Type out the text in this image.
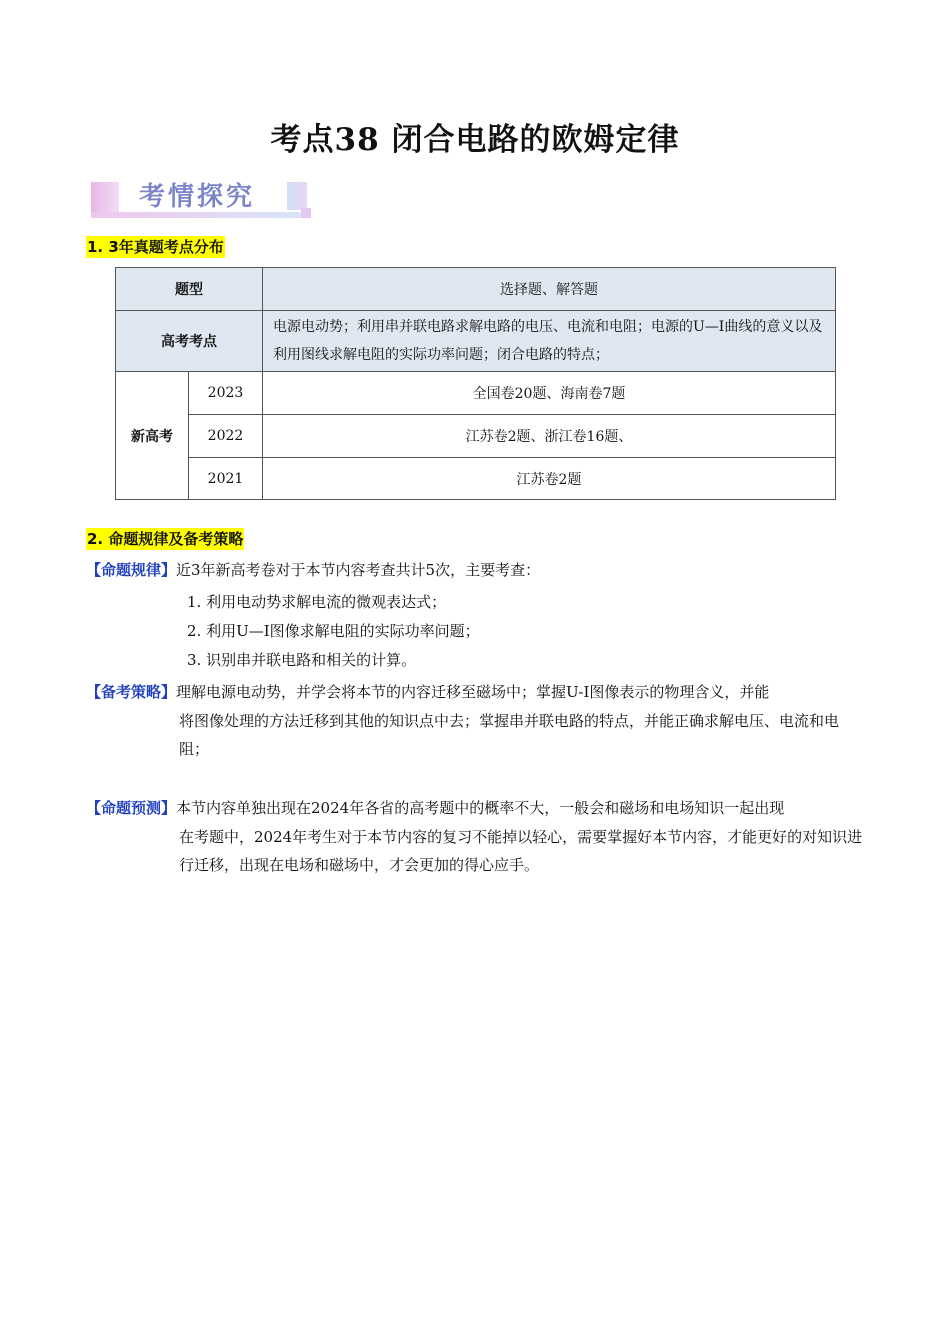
考点38 闭合电路的欧姆定律
考情探究
1. 3年真题考点分布
题型		选择题、解答题
高考考点		电源电动势；利用串并联电路求解电路的电压、电流和电阻；电源的U—I曲线的意义以及利用图线求解电阻的实际功率问题；闭合电路的特点；
新高考	2023	全国卷20题、海南卷7题
	2022	江苏卷2题、浙江卷16题、
	2021	江苏卷2题
2. 命题规律及备考策略
【命题规律】近3年新高考卷对于本节内容考查共计5次，主要考查：
1. 利用电动势求解电流的微观表达式；
2. 利用U—I图像求解电阻的实际功率问题；
3. 识别串并联电路和相关的计算。
【备考策略】理解电源电动势，并学会将本节的内容迁移至磁场中；掌握U-I图像表示的物理含义，并能
将图像处理的方法迁移到其他的知识点中去；掌握串并联电路的特点，并能正确求解电压、电流和电阻；
【命题预测】本节内容单独出现在2024年各省的高考题中的概率不大，一般会和磁场和电场知识一起出现
在考题中，2024年考生对于本节内容的复习不能掉以轻心，需要掌握好本节内容，才能更好的对知识进行迁移，出现在电场和磁场中，才会更加的得心应手。
